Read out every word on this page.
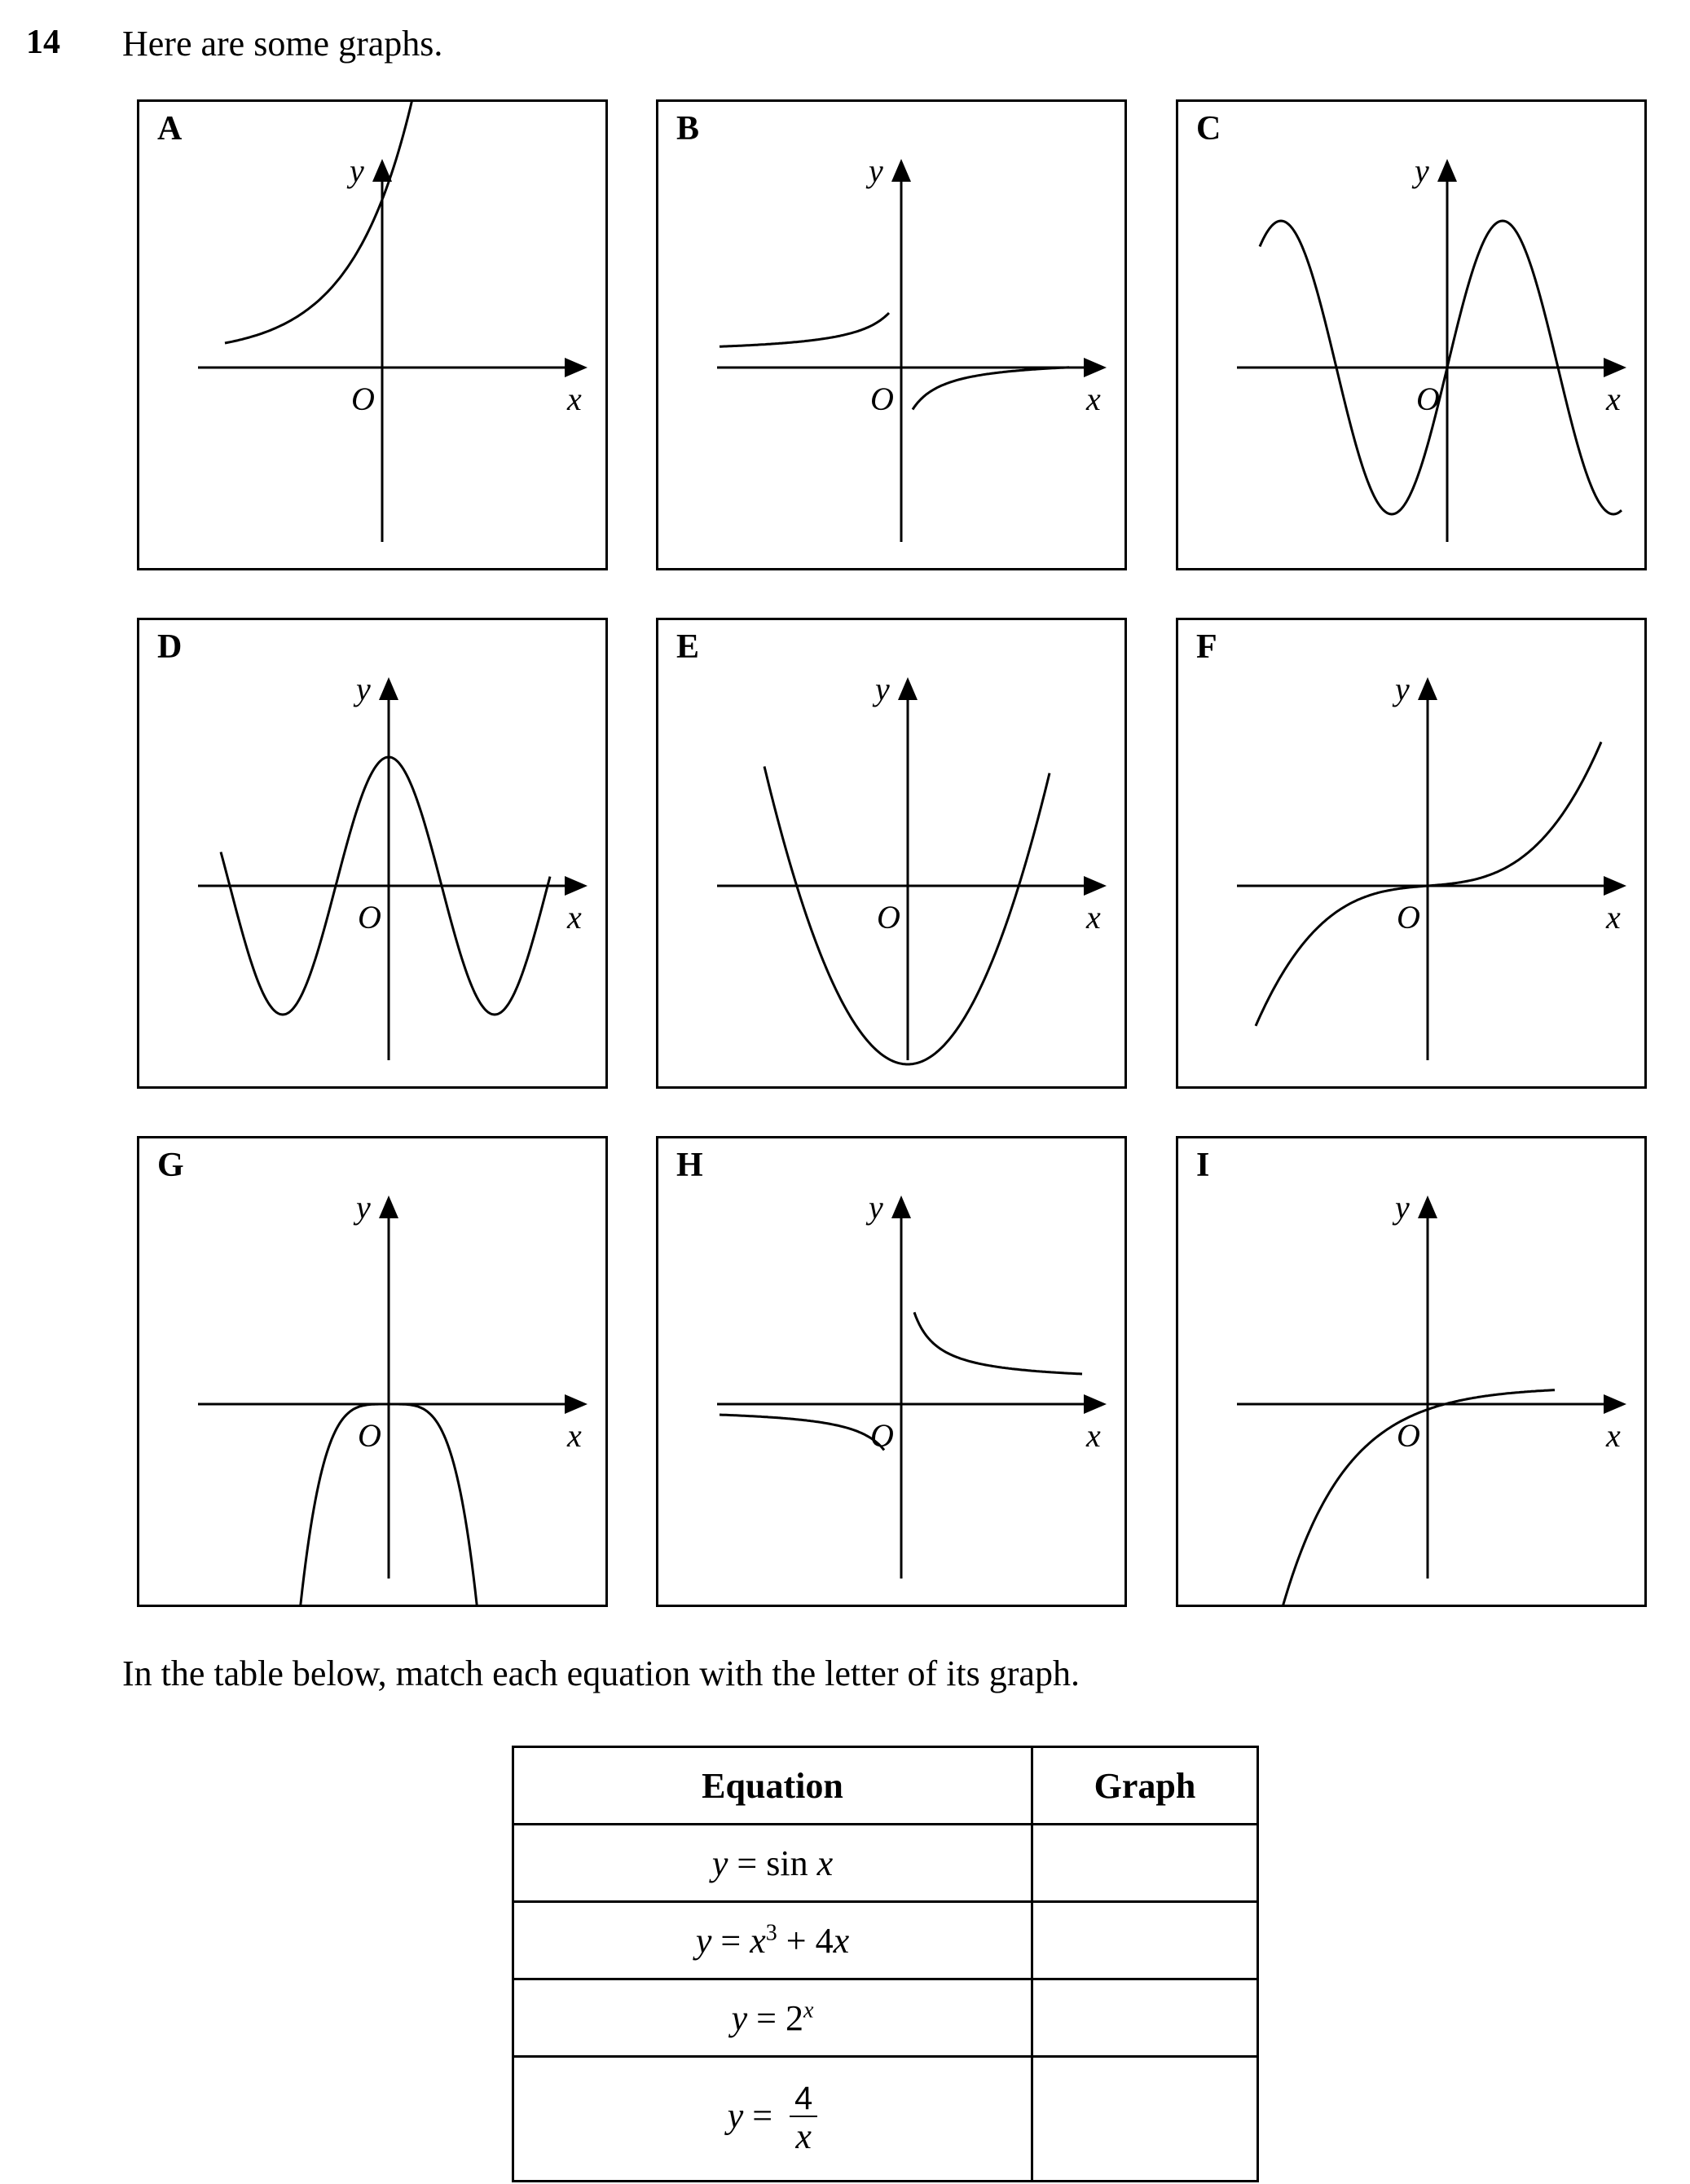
14 Here are some graphs.
A
y
x
O
B
y
x
O
C
y
x
O
D
y
x
O
E
y
x
O
F
y
x
O
G
y
x
O
H
y
x
O
I
y
x
O
In the table below, match each equation with the letter of its graph.
Equation	Graph
y = sin x	
$y = x^3 + 4x$	
$y = 2^x$	
$y = \frac{4}{x}$
